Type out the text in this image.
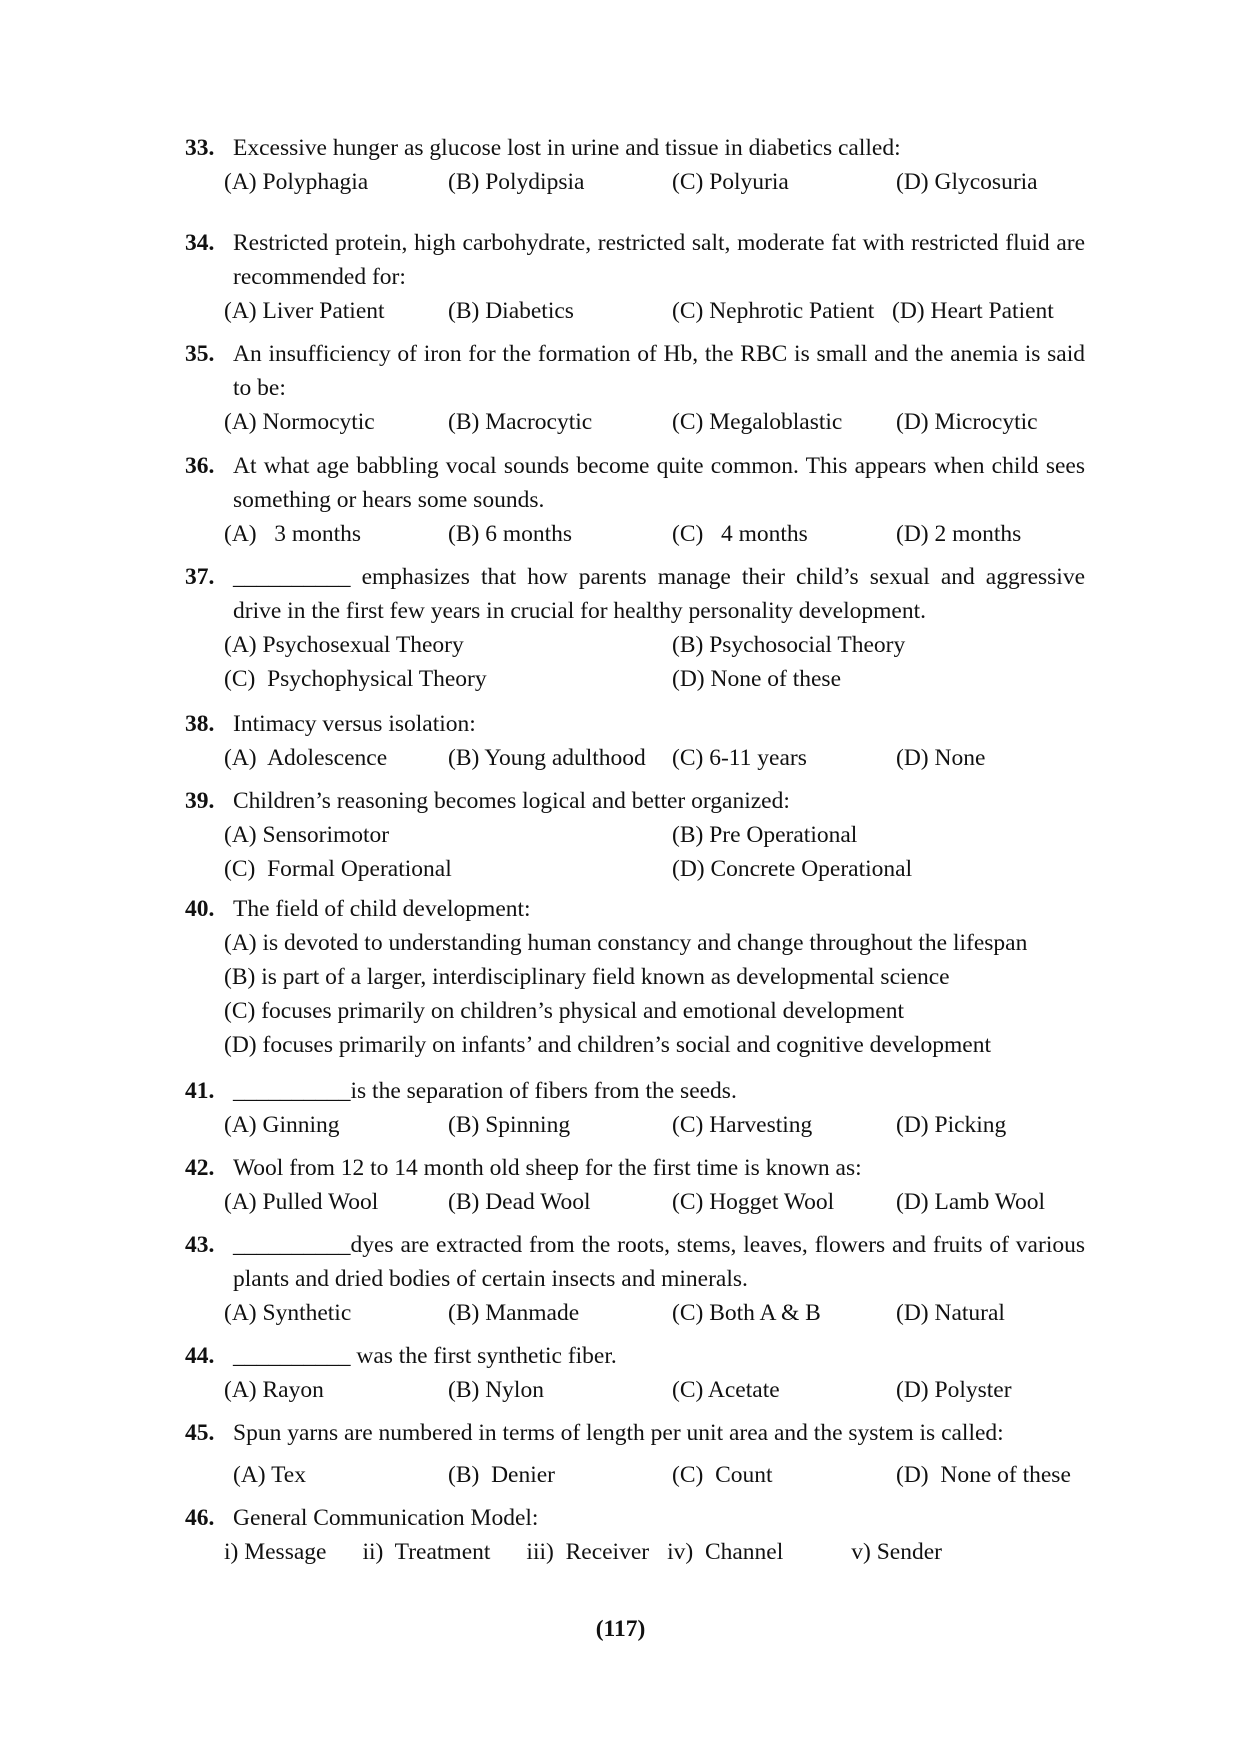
33. Excessive hunger as glucose lost in urine and tissue in diabetics called:
(A) Polyphagia	(B) Polydipsia	(C) Polyuria	(D) Glycosuria
34. Restricted protein, high carbohydrate, restricted salt, moderate fat with restricted fluid are recommended for:
(A) Liver Patient	(B) Diabetics	(C) Nephrotic Patient (D) Heart Patient
35. An insufficiency of iron for the formation of Hb, the RBC is small and the anemia is said to be:
(A) Normocytic	(B) Macrocytic	(C) Megaloblastic	(D) Microcytic
36. At what age babbling vocal sounds become quite common. This appears when child sees something or hears some sounds.
(A)   3 months	(B) 6 months	(C)   4 months	(D) 2 months
37. __________ emphasizes that how parents manage their child’s sexual and aggressive drive in the first few years in crucial for healthy personality development.
(A) Psychosexual Theory	(B) Psychosocial Theory
(C)  Psychophysical Theory	(D) None of these
38. Intimacy versus isolation:
(A)  Adolescence	(B) Young adulthood	(C) 6-11 years	(D) None
39. Children’s reasoning becomes logical and better organized:
(A) Sensorimotor	(B) Pre Operational
(C)  Formal Operational	(D) Concrete Operational
40. The field of child development:
(A) is devoted to understanding human constancy and change throughout the lifespan
(B) is part of a larger, interdisciplinary field known as developmental science
(C) focuses primarily on children’s physical and emotional development
(D) focuses primarily on infants’ and children’s social and cognitive development
41. __________is the separation of fibers from the seeds.
(A) Ginning	(B) Spinning	(C) Harvesting	(D) Picking
42. Wool from 12 to 14 month old sheep for the first time is known as:
(A) Pulled Wool	(B) Dead Wool	(C) Hogget Wool	(D) Lamb Wool
43. __________dyes are extracted from the roots, stems, leaves, flowers and fruits of various plants and dried bodies of certain insects and minerals.
(A) Synthetic	(B) Manmade	(C) Both A & B	(D) Natural
44. __________ was the first synthetic fiber.
(A) Rayon	(B) Nylon	(C) Acetate	(D) Polyster
45. Spun yarns are numbered in terms of length per unit area and the system is called:
(A) Tex	(B)  Denier	(C)  Count	(D)  None of these
46. General Communication Model:
i) Message ii)  Treatment iii)  Receiver iv)  Channel	v) Sender
(117)
